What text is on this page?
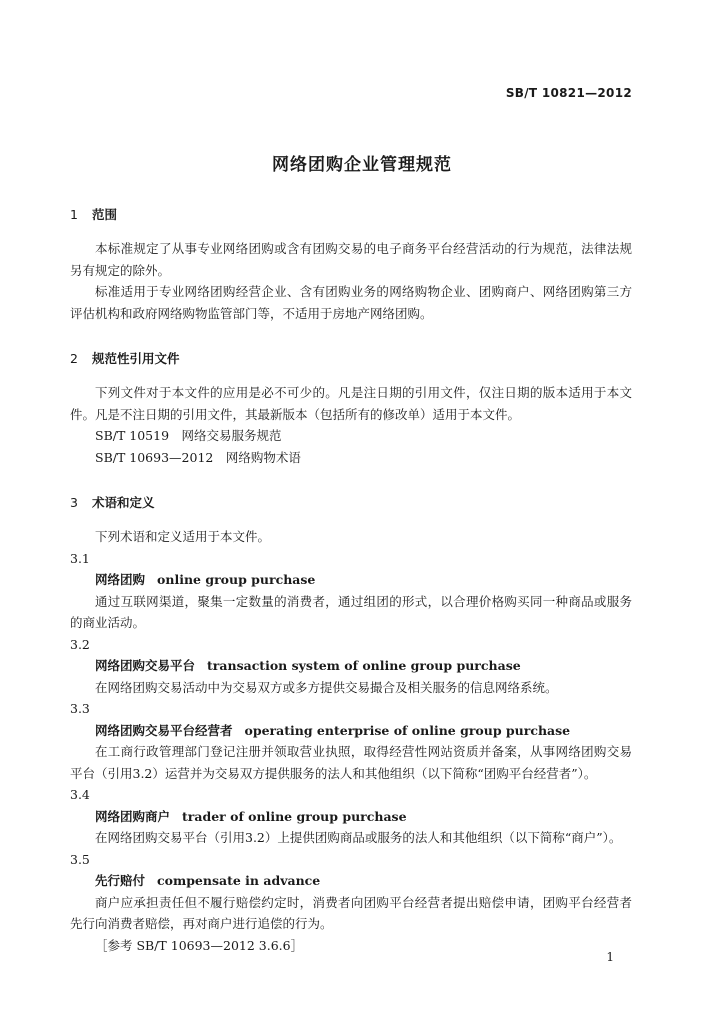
SB/T 10821—2012
网络团购企业管理规范
1 范围

本标准规定了从事专业网络团购或含有团购交易的电子商务平台经营活动的行为规范，法律法规另有规定的除外。

标准适用于专业网络团购经营企业、含有团购业务的网络购物企业、团购商户、网络团购第三方评估机构和政府网络购物监管部门等，不适用于房地产网络团购。

2 规范性引用文件

下列文件对于本文件的应用是必不可少的。凡是注日期的引用文件，仅注日期的版本适用于本文件。凡是不注日期的引用文件，其最新版本（包括所有的修改单）适用于本文件。

SB/T 10519　网络交易服务规范

SB/T 10693—2012　网络购物术语

3 术语和定义

下列术语和定义适用于本文件。

3.1

网络团购 online group purchase

通过互联网渠道，聚集一定数量的消费者，通过组团的形式，以合理价格购买同一种商品或服务的商业活动。

3.2

网络团购交易平台 transaction system of online group purchase

在网络团购交易活动中为交易双方或多方提供交易撮合及相关服务的信息网络系统。

3.3

网络团购交易平台经营者 operating enterprise of online group purchase

在工商行政管理部门登记注册并领取营业执照，取得经营性网站资质并备案，从事网络团购交易平台（引用3.2）运营并为交易双方提供服务的法人和其他组织（以下简称“团购平台经营者”）。

3.4

网络团购商户 trader of online group purchase

在网络团购交易平台（引用3.2）上提供团购商品或服务的法人和其他组织（以下简称“商户”）。

3.5

先行赔付 compensate in advance

商户应承担责任但不履行赔偿约定时，消费者向团购平台经营者提出赔偿申请，团购平台经营者先行向消费者赔偿，再对商户进行追偿的行为。

［参考 SB/T 10693—2012 3.6.6］

1
